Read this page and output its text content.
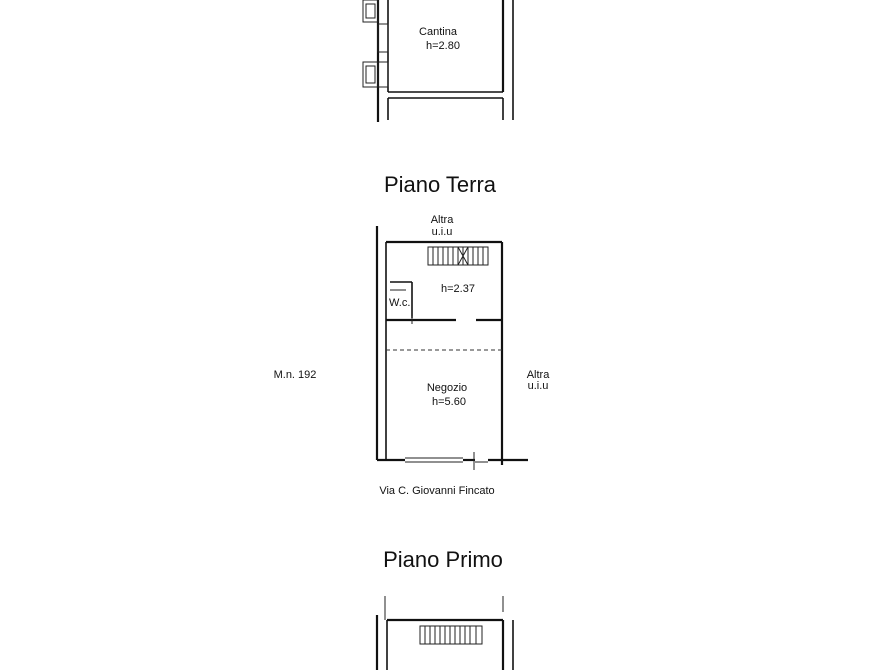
Cantina
h=2.80
Piano Terra
Altra
u.i.u
W.c.
h=2.37
M.n. 192
Negozio
h=5.60
Altra
u.i.u
Via C. Giovanni Fincato
Piano Primo
